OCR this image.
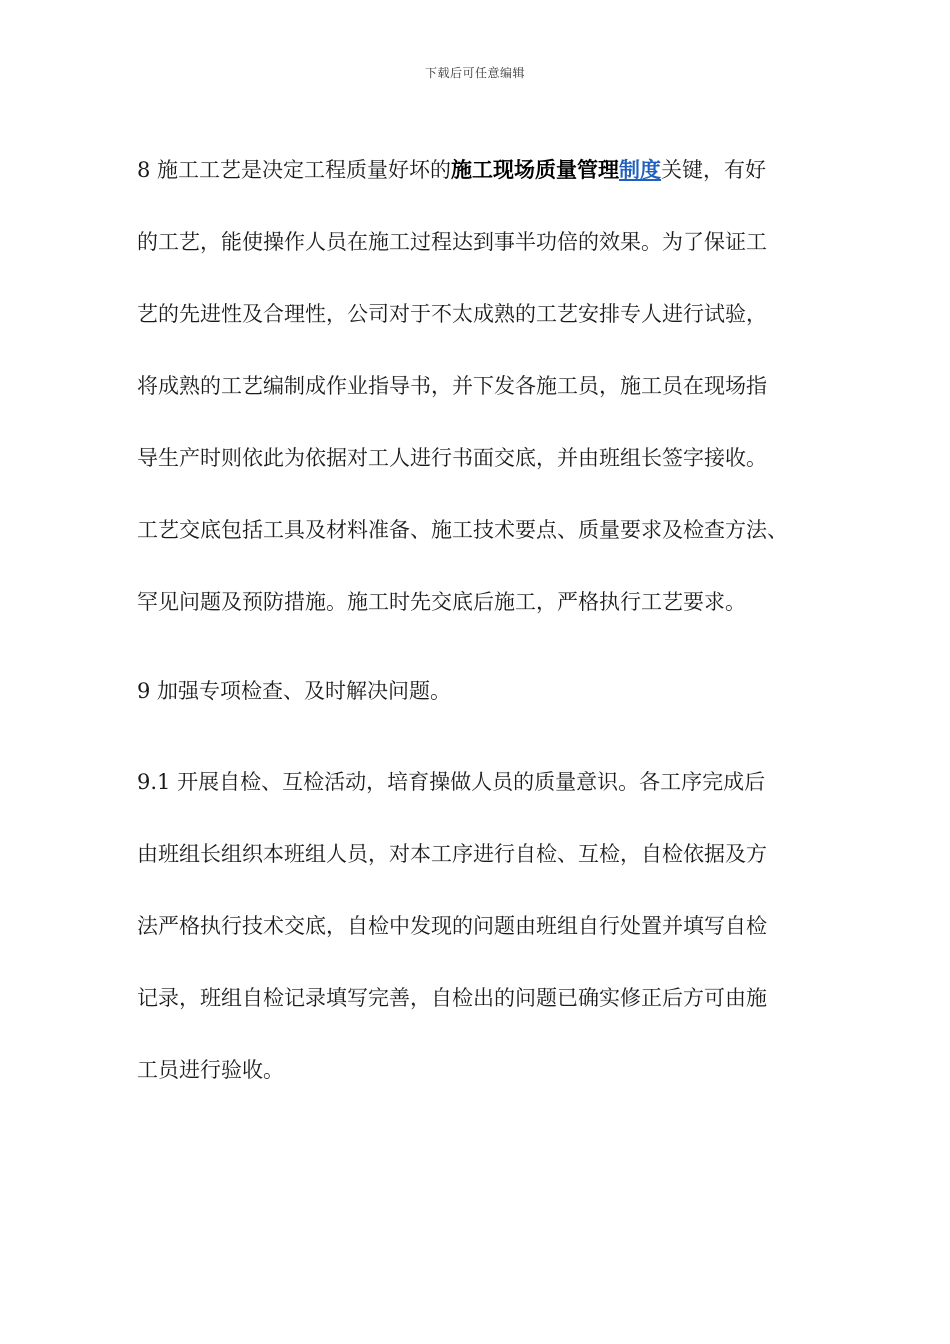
下载后可任意编辑
8 施工工艺是决定工程质量好坏的施工现场质量管理制度关键，有好
的工艺，能使操作人员在施工过程达到事半功倍的效果。为了保证工
艺的先进性及合理性，公司对于不太成熟的工艺安排专人进行试验，
将成熟的工艺编制成作业指导书，并下发各施工员，施工员在现场指
导生产时则依此为依据对工人进行书面交底，并由班组长签字接收。
工艺交底包括工具及材料准备、施工技术要点、质量要求及检查方法、
罕见问题及预防措施。施工时先交底后施工，严格执行工艺要求。
9 加强专项检查、及时解决问题。
9.1 开展自检、互检活动，培育操做人员的质量意识。各工序完成后
由班组长组织本班组人员，对本工序进行自检、互检，自检依据及方
法严格执行技术交底，自检中发现的问题由班组自行处置并填写自检
记录，班组自检记录填写完善，自检出的问题已确实修正后方可由施
工员进行验收。
